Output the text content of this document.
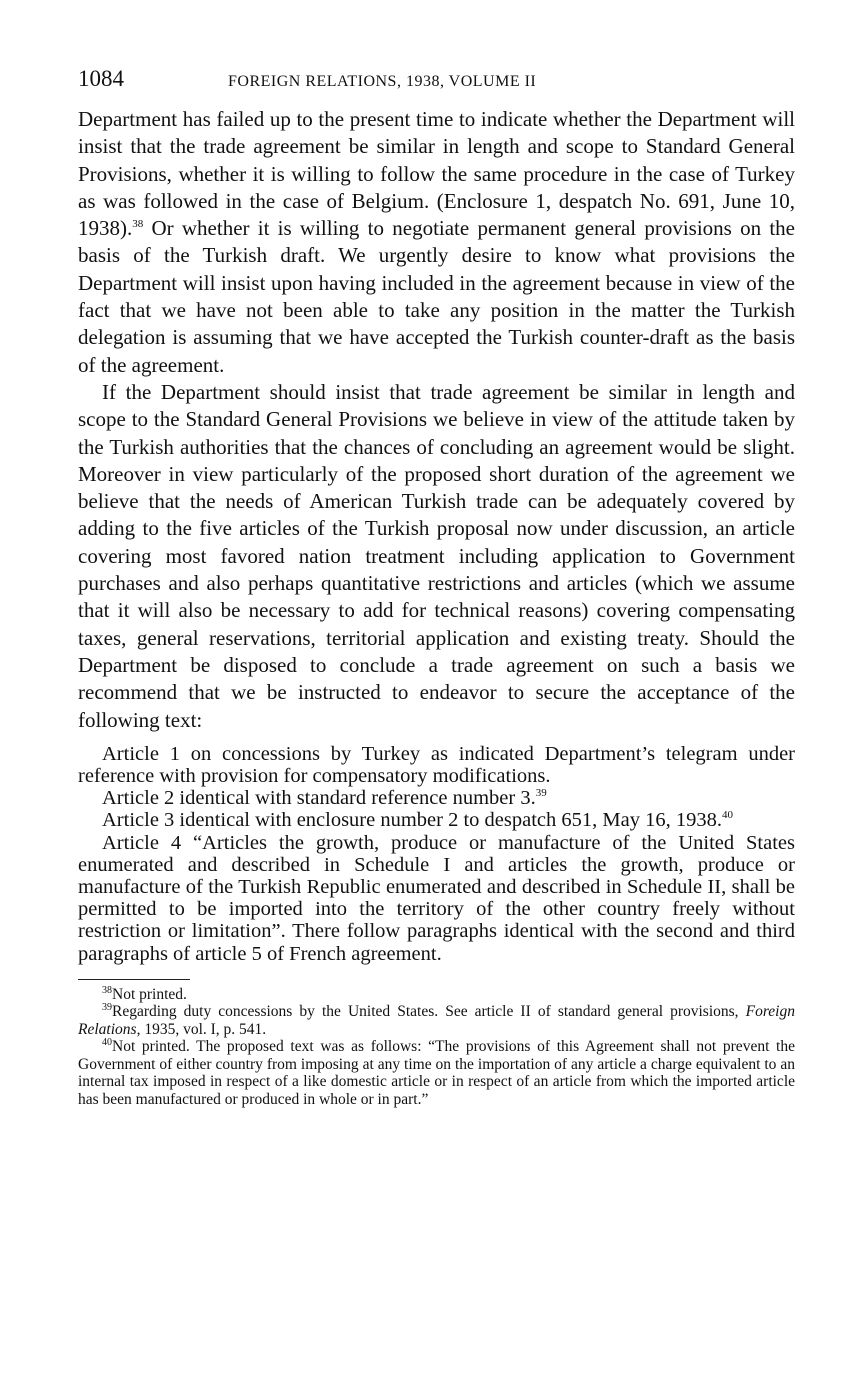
1084	FOREIGN RELATIONS, 1938, VOLUME II

Department has failed up to the present time to indicate whether the Department will insist that the trade agreement be similar in length and scope to Standard General Provisions, whether it is willing to follow the same procedure in the case of Turkey as was followed in the case of Belgium. (Enclosure 1, despatch No. 691, June 10, 1938).$^{38}$ Or whether it is willing to negotiate permanent general provisions on the basis of the Turkish draft. We urgently desire to know what provisions the Department will insist upon having included in the agreement because in view of the fact that we have not been able to take any position in the matter the Turkish delegation is assuming that we have accepted the Turkish counter-draft as the basis of the agreement.

If the Department should insist that trade agreement be similar in length and scope to the Standard General Provisions we believe in view of the attitude taken by the Turkish authorities that the chances of concluding an agreement would be slight. Moreover in view particularly of the proposed short duration of the agreement we believe that the needs of American Turkish trade can be adequately covered by adding to the five articles of the Turkish proposal now under discussion, an article covering most favored nation treatment including application to Government purchases and also perhaps quantitative restrictions and articles (which we assume that it will also be necessary to add for technical reasons) covering compensating taxes, general reservations, territorial application and existing treaty. Should the Department be disposed to conclude a trade agreement on such a basis we recommend that we be instructed to endeavor to secure the acceptance of the following text:

Article 1 on concessions by Turkey as indicated Department’s telegram under reference with provision for compensatory modifications.

Article 2 identical with standard reference number 3.39

Article 3 identical with enclosure number 2 to despatch 651, May 16, 1938.40

Article 4 “Articles the growth, produce or manufacture of the United States enumerated and described in Schedule I and articles the growth, produce or manufacture of the Turkish Republic enumerated and described in Schedule II, shall be permitted to be imported into the territory of the other country freely without restriction or limitation”. There follow paragraphs identical with the second and third paragraphs of article 5 of French agreement.

$^{38}$Not printed.

$^{39}$Regarding duty concessions by the United States. See article II of standard general provisions, Foreign Relations, 1935, vol. I, p. 541.

$^{40}$Not printed. The proposed text was as follows: “The provisions of this Agreement shall not prevent the Government of either country from imposing at any time on the importation of any article a charge equivalent to an internal tax imposed in respect of a like domestic article or in respect of an article from which the imported article has been manufactured or produced in whole or in part.”
